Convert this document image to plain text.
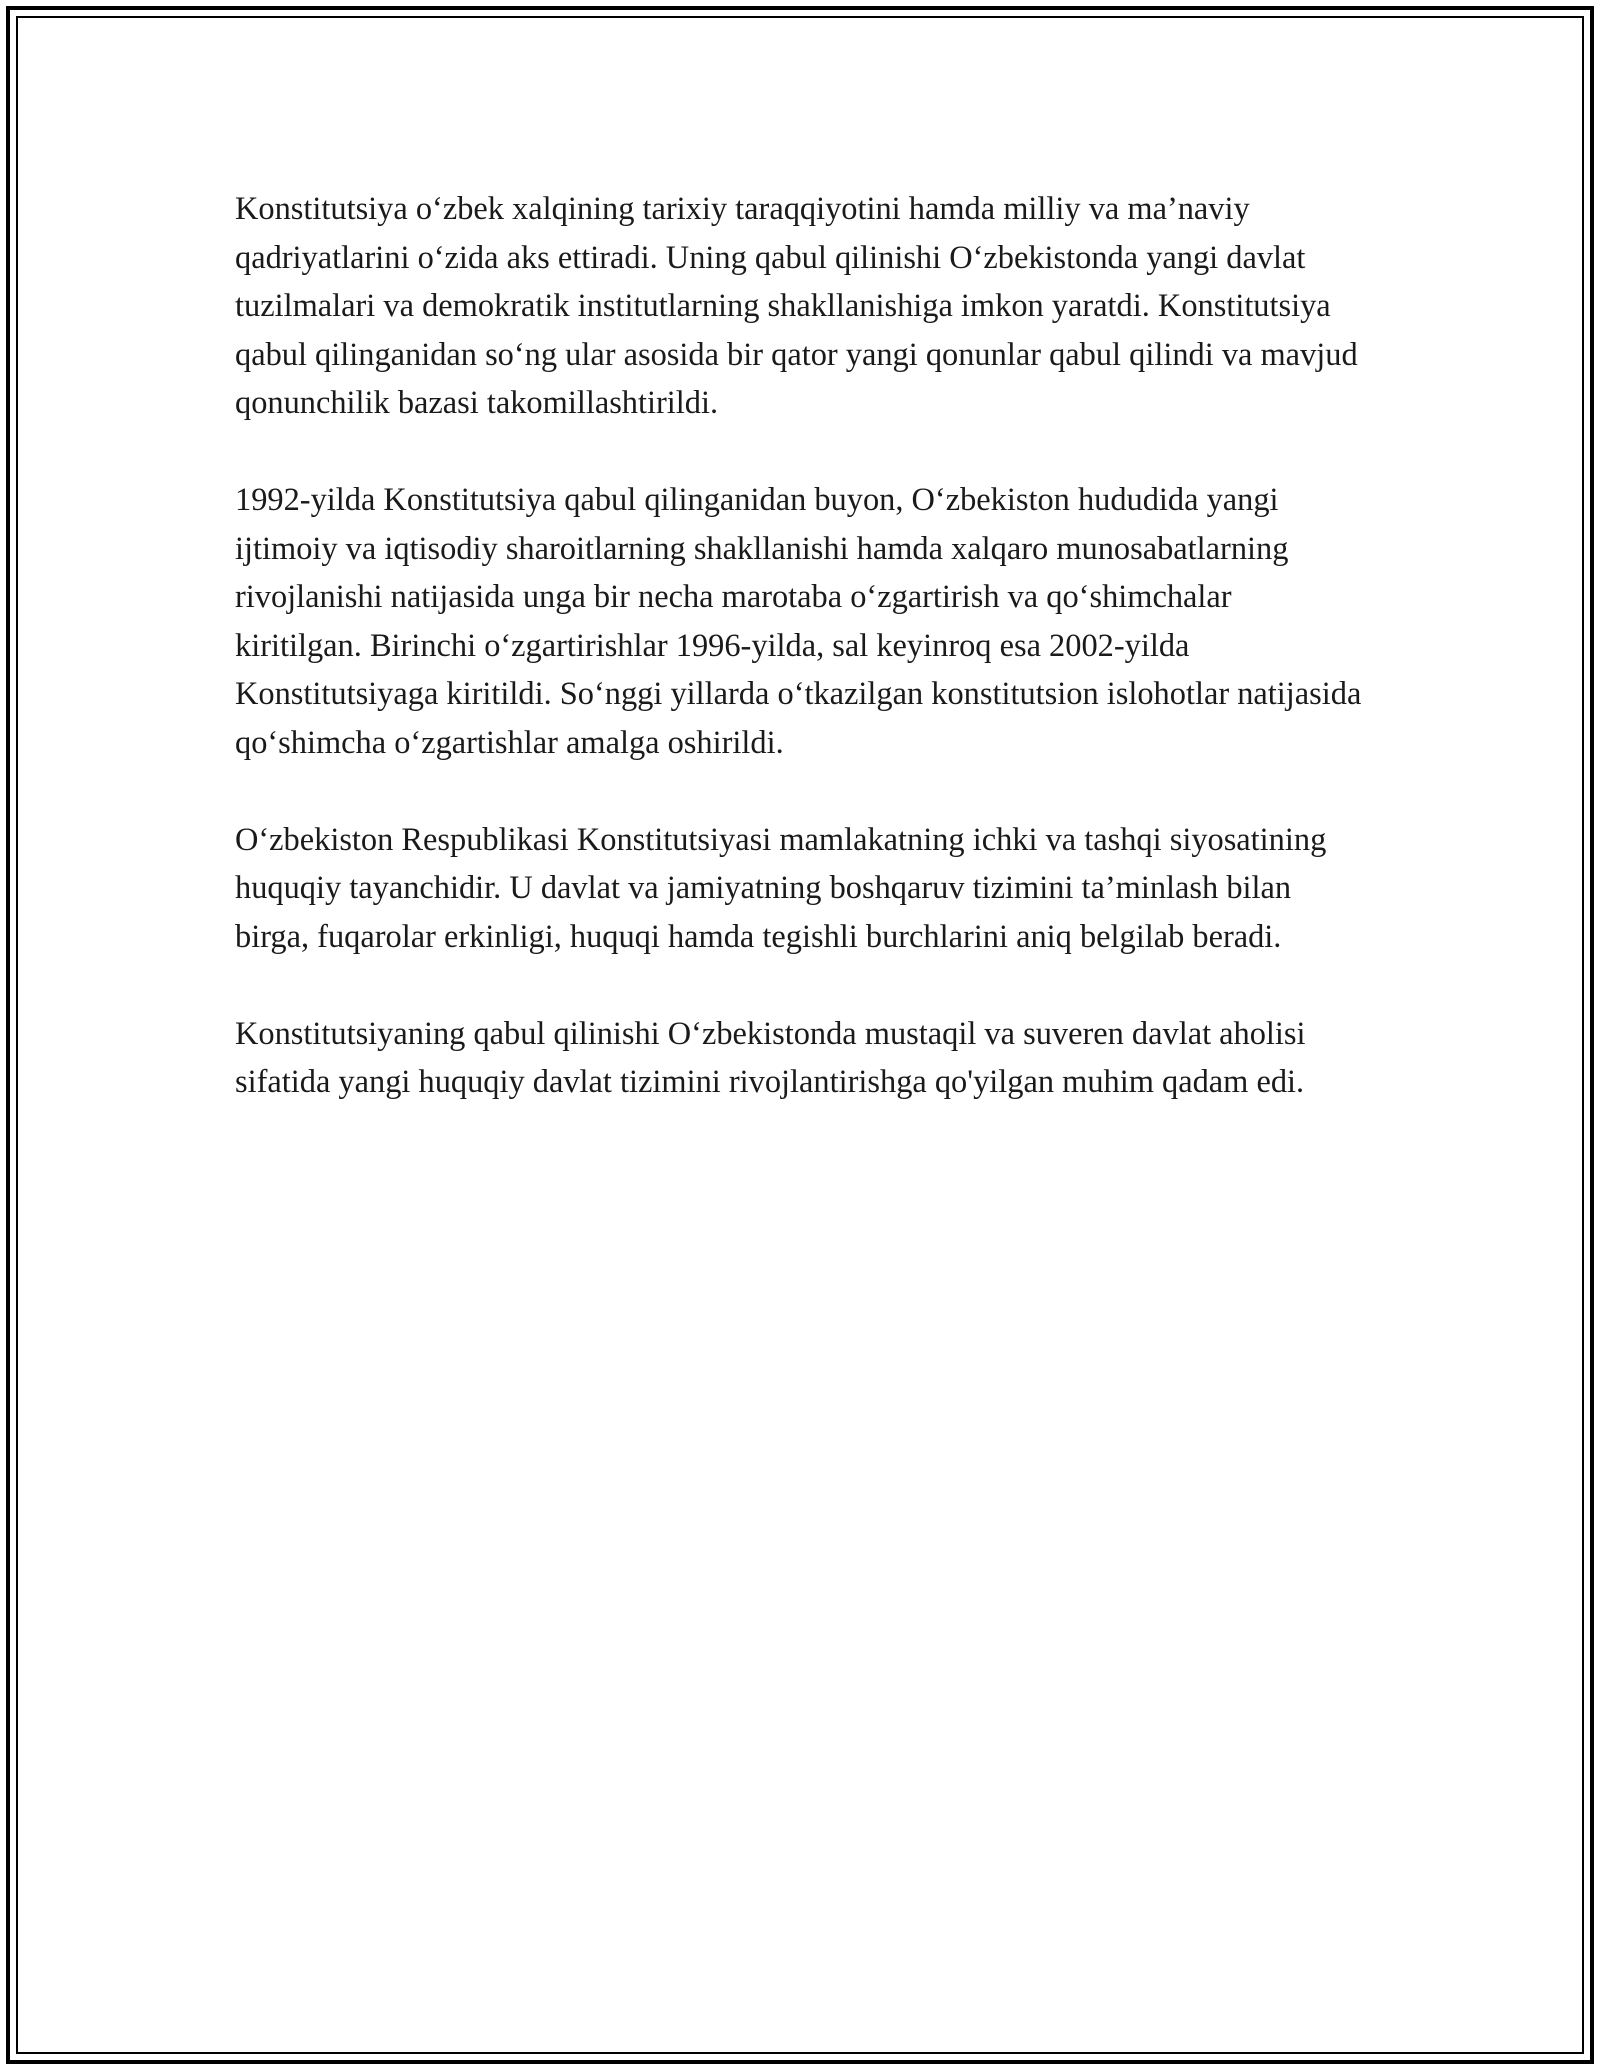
Konstitutsiya o‘zbek xalqining tarixiy taraqqiyotini hamda milliy va ma’naviy qadriyatlarini o‘zida aks ettiradi. Uning qabul qilinishi O‘zbekistonda yangi davlat tuzilmalari va demokratik institutlarning shakllanishiga imkon yaratdi. Konstitutsiya qabul qilinganidan so‘ng ular asosida bir qator yangi qonunlar qabul qilindi va mavjud qonunchilik bazasi takomillashtirildi.

1992-yilda Konstitutsiya qabul qilinganidan buyon, O‘zbekiston hududida yangi ijtimoiy va iqtisodiy sharoitlarning shakllanishi hamda xalqaro munosabatlarning rivojlanishi natijasida unga bir necha marotaba o‘zgartirish va qo‘shimchalar kiritilgan. Birinchi o‘zgartirishlar 1996-yilda, sal keyinroq esa 2002-yilda Konstitutsiyaga kiritildi. So‘nggi yillarda o‘tkazilgan konstitutsion islohotlar natijasida qo‘shimcha o‘zgartishlar amalga oshirildi.

O‘zbekiston Respublikasi Konstitutsiyasi mamlakatning ichki va tashqi siyosatining huquqiy tayanchidir. U davlat va jamiyatning boshqaruv tizimini ta’minlash bilan birga, fuqarolar erkinligi, huquqi hamda tegishli burchlarini aniq belgilab beradi.

Konstitutsiyaning qabul qilinishi O‘zbekistonda mustaqil va suveren davlat aholisi sifatida yangi huquqiy davlat tizimini rivojlantirishga qo'yilgan muhim qadam edi.
